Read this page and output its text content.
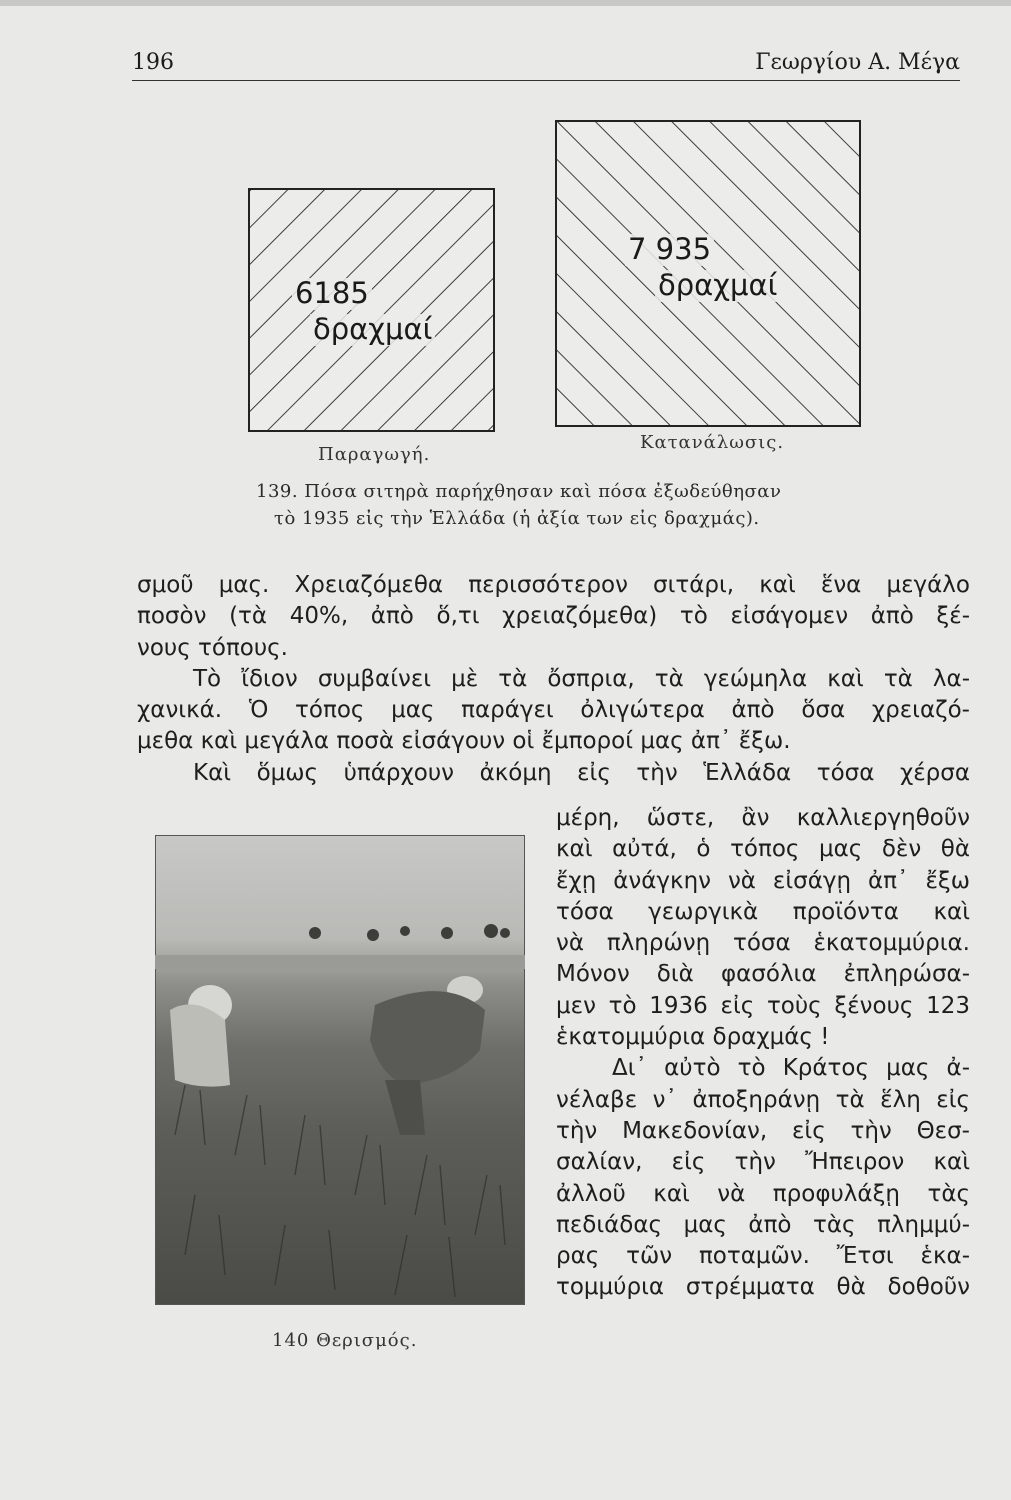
196	Γεωργίου Α. Μέγα
6185
δραχμαί
7 935
δραχμαί
Παραγωγή.
Κατανάλωσις.
139. Πόσα σιτηρὰ παρήχθησαν καὶ πόσα ἐξωδεύθησαν
τὸ 1935 εἰς τὴν Ἑλλάδα (ἡ ἀξία των εἰς δραχμάς).
σμοῦ μας. Χρειαζόμεθα περισσότερον σιτάρι, καὶ ἕνα μεγάλο
ποσὸν (τὰ 40%, ἀπὸ ὅ,τι χρειαζόμεθα) τὸ εἰσάγομεν ἀπὸ ξέ-
νους τόπους.
Τὸ ἴδιον συμβαίνει μὲ τὰ ὄσπρια, τὰ γεώμηλα καὶ τὰ λα-
χανικά. Ὁ τόπος μας παράγει ὀλιγώτερα ἀπὸ ὅσα χρειαζό-
μεθα καὶ μεγάλα ποσὰ εἰσάγουν οἱ ἔμποροί μας ἀπ᾿ ἔξω.
Καὶ ὅμως ὑπάρχουν ἀκόμη εἰς τὴν Ἑλλάδα τόσα χέρσα
140 Θερισμός.
μέρη, ὥστε, ἂν καλλιεργηθοῦν
καὶ αὐτά, ὁ τόπος μας δὲν θὰ
ἔχῃ ἀνάγκην νὰ εἰσάγῃ ἀπ᾿ ἔξω
τόσα γεωργικὰ προϊόντα καὶ
νὰ πληρώνῃ τόσα ἑκατομμύρια.
Μόνον διὰ φασόλια ἐπληρώσα-
μεν τὸ 1936 εἰς τοὺς ξένους 123
ἑκατομμύρια δραχμάς !
Δι᾿ αὐτὸ τὸ Κράτος μας ἀ-
νέλαβε ν᾿ ἀποξηράνῃ τὰ ἕλη εἰς
τὴν Μακεδονίαν, εἰς τὴν Θεσ-
σαλίαν, εἰς τὴν Ἤπειρον καὶ
ἀλλοῦ καὶ νὰ προφυλάξῃ τὰς
πεδιάδας μας ἀπὸ τὰς πλημμύ-
ρας τῶν ποταμῶν. Ἔτσι ἑκα-
τομμύρια στρέμματα θὰ δοθοῦν
